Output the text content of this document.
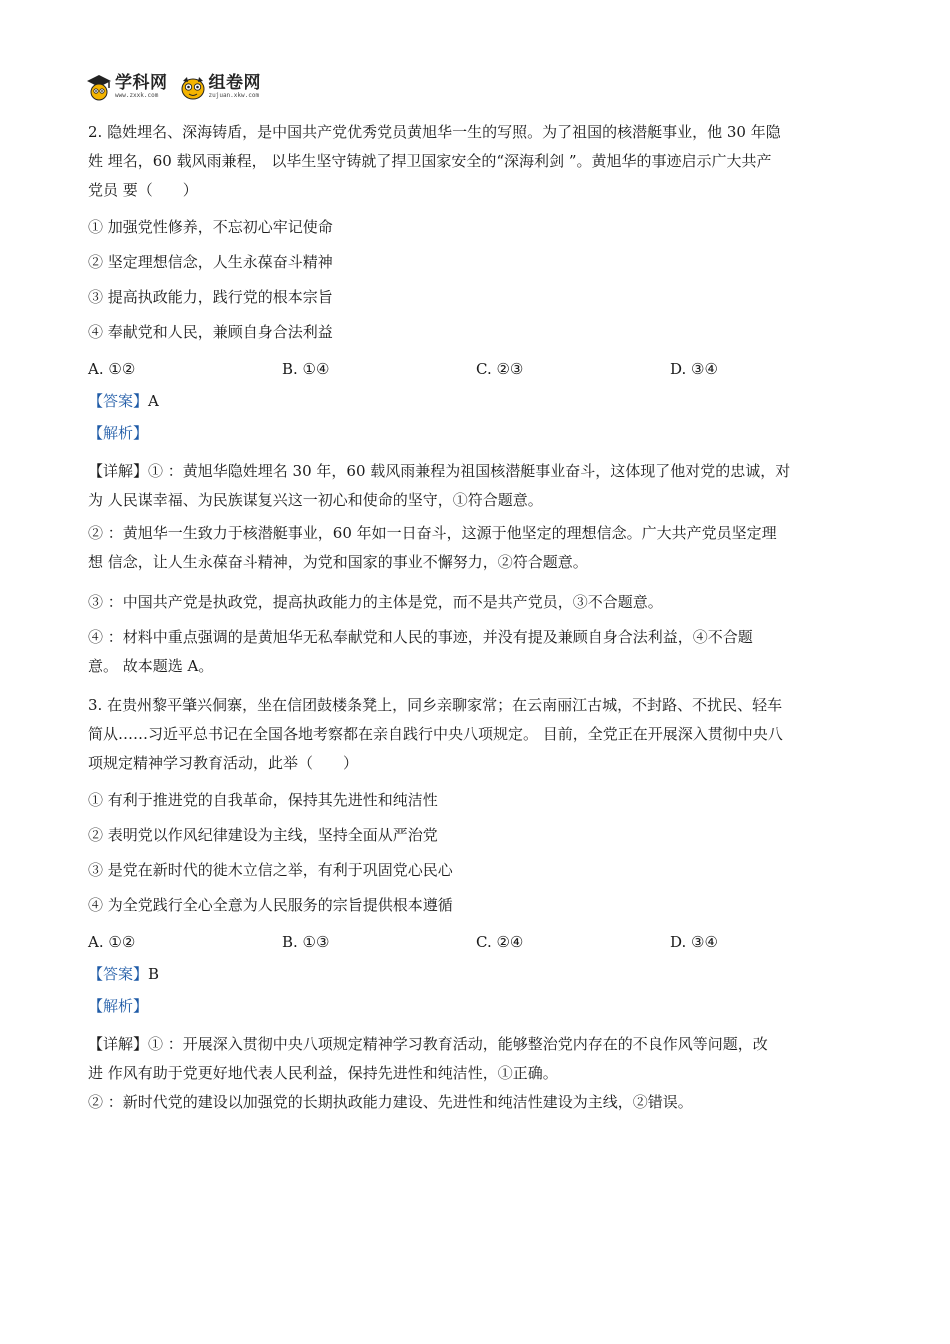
学科网
www.zxxk.com
组卷网
zujuan.xkw.com

2. 隐姓埋名、深海铸盾，是中国共产党优秀党员黄旭华一生的写照。为了祖国的核潜艇事业，他 30 年隐

姓 埋名，60 载风雨兼程， 以毕生坚守铸就了捍卫国家安全的“深海利剑 ”。黄旭华的事迹启示广大共产

党员 要（　　）

① 加强党性修养，不忘初心牢记使命

② 坚定理想信念，人生永葆奋斗精神

③ 提高执政能力，践行党的根本宗旨

④ 奉献党和人民，兼顾自身合法利益

A. ①②	B. ①④	C. ②③	D. ③④

【答案】A

【解析】

【详解】① ：黄旭华隐姓埋名 30 年，60 载风雨兼程为祖国核潜艇事业奋斗，这体现了他对党的忠诚，对

为 人民谋幸福、为民族谋复兴这一初心和使命的坚守，①符合题意。

② ：黄旭华一生致力于核潜艇事业，60 年如一日奋斗，这源于他坚定的理想信念。广大共产党员坚定理

想 信念，让人生永葆奋斗精神，为党和国家的事业不懈努力，②符合题意。

③ ：中国共产党是执政党，提高执政能力的主体是党，而不是共产党员，③不合题意。

④ ：材料中重点强调的是黄旭华无私奉献党和人民的事迹，并没有提及兼顾自身合法利益，④不合题

意。 故本题选 A。

3. 在贵州黎平肇兴侗寨，坐在信团鼓楼条凳上，同乡亲聊家常；在云南丽江古城，不封路、不扰民、轻车

简从……习近平总书记在全国各地考察都在亲自践行中央八项规定。 目前，全党正在开展深入贯彻中央八

项规定精神学习教育活动，此举（　　）

① 有利于推进党的自我革命，保持其先进性和纯洁性

② 表明党以作风纪律建设为主线，坚持全面从严治党

③ 是党在新时代的徙木立信之举，有利于巩固党心民心

④ 为全党践行全心全意为人民服务的宗旨提供根本遵循

A. ①②	B. ①③	C. ②④	D. ③④

【答案】B

【解析】

【详解】① ：开展深入贯彻中央八项规定精神学习教育活动，能够整治党内存在的不良作风等问题，改

进 作风有助于党更好地代表人民利益，保持先进性和纯洁性，①正确。

② ：新时代党的建设以加强党的长期执政能力建设、先进性和纯洁性建设为主线，②错误。
